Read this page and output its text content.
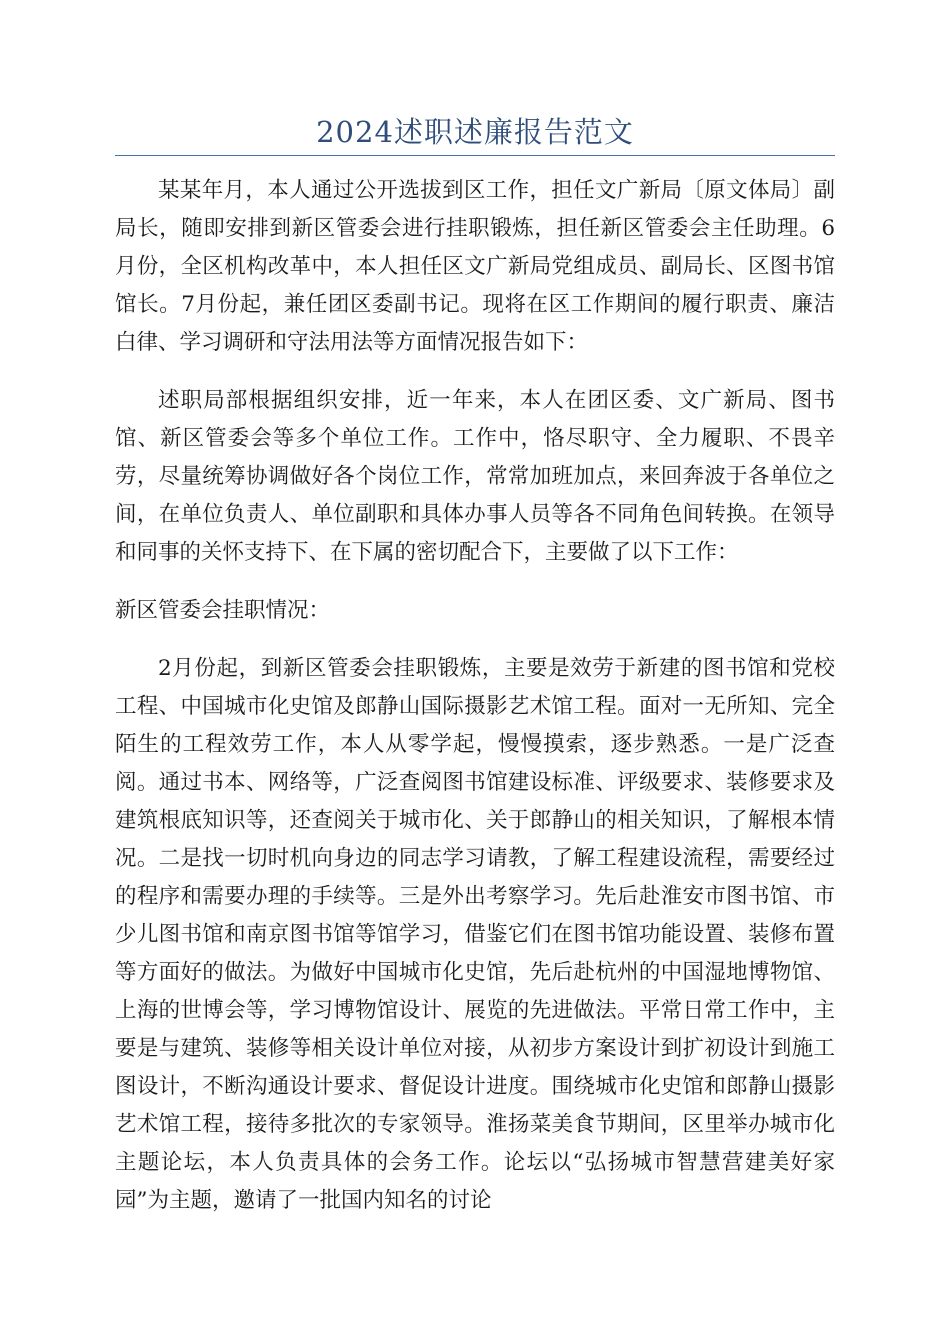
2024述职述廉报告范文

某某年月，本人通过公开选拔到区工作，担任文广新局〔原文体局〕副局长，随即安排到新区管委会进行挂职锻炼，担任新区管委会主任助理。6月份，全区机构改革中，本人担任区文广新局党组成员、副局长、区图书馆馆长。7月份起，兼任团区委副书记。现将在区工作期间的履行职责、廉洁白律、学习调研和守法用法等方面情况报告如下：

述职局部根据组织安排，近一年来，本人在团区委、文广新局、图书馆、新区管委会等多个单位工作。工作中，恪尽职守、全力履职、不畏辛劳，尽量统筹协调做好各个岗位工作，常常加班加点，来回奔波于各单位之间，在单位负责人、单位副职和具体办事人员等各不同角色间转换。在领导和同事的关怀支持下、在下属的密切配合下，主要做了以下工作：

新区管委会挂职情况：

2月份起，到新区管委会挂职锻炼，主要是效劳于新建的图书馆和党校工程、中国城市化史馆及郎静山国际摄影艺术馆工程。面对一无所知、完全陌生的工程效劳工作，本人从零学起，慢慢摸索，逐步熟悉。一是广泛查阅。通过书本、网络等，广泛查阅图书馆建设标准、评级要求、装修要求及建筑根底知识等，还查阅关于城市化、关于郎静山的相关知识，了解根本情况。二是找一切时机向身边的同志学习请教，了解工程建设流程，需要经过的程序和需要办理的手续等。三是外出考察学习。先后赴淮安市图书馆、市少儿图书馆和南京图书馆等馆学习，借鉴它们在图书馆功能设置、装修布置等方面好的做法。为做好中国城市化史馆，先后赴杭州的中国湿地博物馆、上海的世博会等，学习博物馆设计、展览的先进做法。平常日常工作中，主要是与建筑、装修等相关设计单位对接，从初步方案设计到扩初设计到施工图设计，不断沟通设计要求、督促设计进度。围绕城市化史馆和郎静山摄影艺术馆工程，接待多批次的专家领导。淮扬菜美食节期间，区里举办城市化主题论坛，本人负责具体的会务工作。论坛以“弘扬城市智慧营建美好家园”为主题，邀请了一批国内知名的讨论
